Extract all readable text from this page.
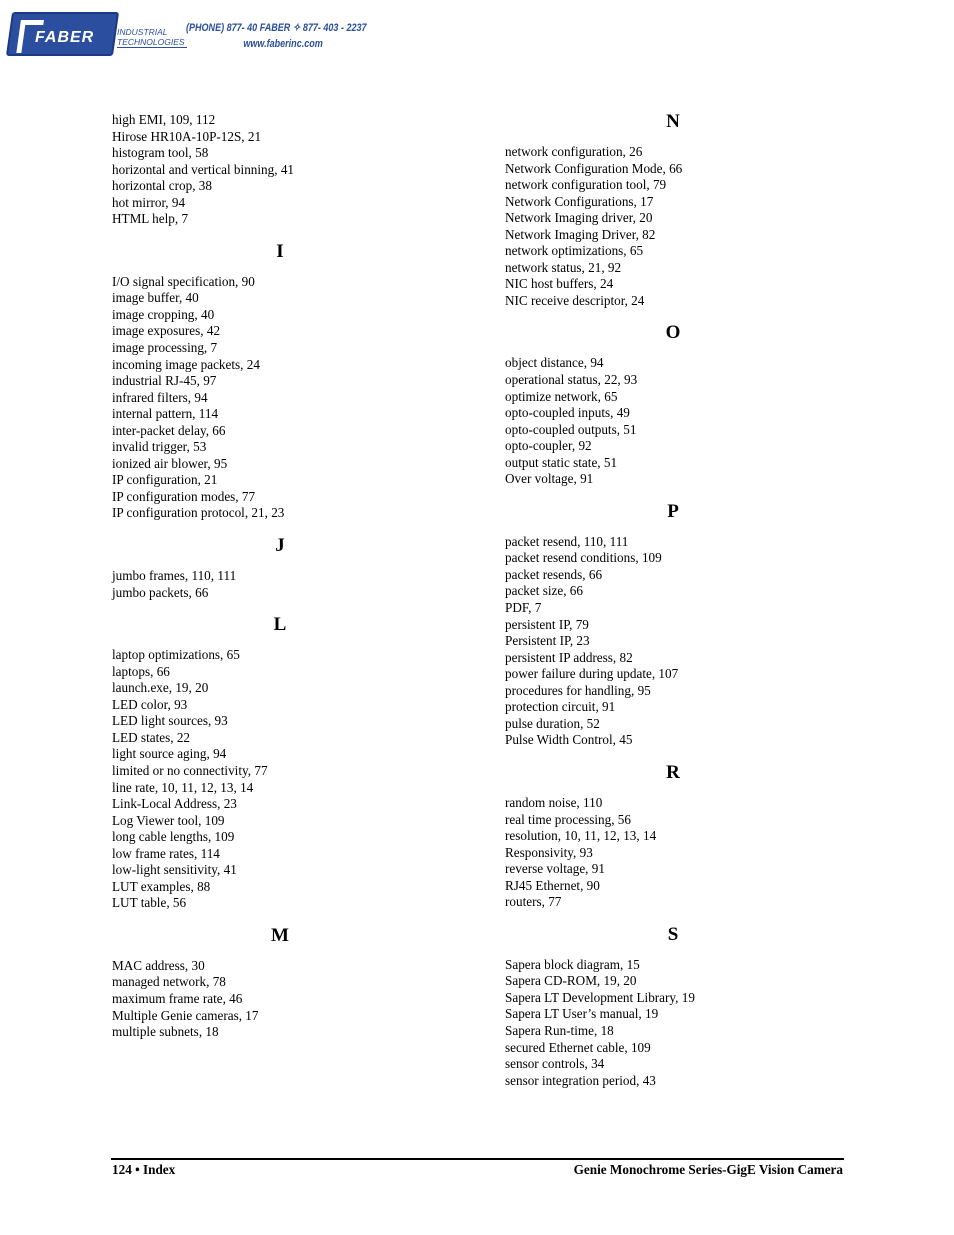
FABER	INDUSTRIAL
TECHNOLOGIES
(PHONE) 877- 40 FABER ✧ 877- 403 - 2237
www.faberinc.com
high EMI, 109, 112
Hirose HR10A-10P-12S, 21
histogram tool, 58
horizontal and vertical binning, 41
horizontal crop, 38
hot mirror, 94
HTML help, 7
I
I/O signal specification, 90
image buffer, 40
image cropping, 40
image exposures, 42
image processing, 7
incoming image packets, 24
industrial RJ-45, 97
infrared filters, 94
internal pattern, 114
inter-packet delay, 66
invalid trigger, 53
ionized air blower, 95
IP configuration, 21
IP configuration modes, 77
IP configuration protocol, 21, 23
J
jumbo frames, 110, 111
jumbo packets, 66
L
laptop optimizations, 65
laptops, 66
launch.exe, 19, 20
LED color, 93
LED light sources, 93
LED states, 22
light source aging, 94
limited or no connectivity, 77
line rate, 10, 11, 12, 13, 14
Link-Local Address, 23
Log Viewer tool, 109
long cable lengths, 109
low frame rates, 114
low-light sensitivity, 41
LUT examples, 88
LUT table, 56
M
MAC address, 30
managed network, 78
maximum frame rate, 46
Multiple Genie cameras, 17
multiple subnets, 18
N
network configuration, 26
Network Configuration Mode, 66
network configuration tool, 79
Network Configurations, 17
Network Imaging driver, 20
Network Imaging Driver, 82
network optimizations, 65
network status, 21, 92
NIC host buffers, 24
NIC receive descriptor, 24
O
object distance, 94
operational status, 22, 93
optimize network, 65
opto-coupled inputs, 49
opto-coupled outputs, 51
opto-coupler, 92
output static state, 51
Over voltage, 91
P
packet resend, 110, 111
packet resend conditions, 109
packet resends, 66
packet size, 66
PDF, 7
persistent IP, 79
Persistent IP, 23
persistent IP address, 82
power failure during update, 107
procedures for handling, 95
protection circuit, 91
pulse duration, 52
Pulse Width Control, 45
R
random noise, 110
real time processing, 56
resolution, 10, 11, 12, 13, 14
Responsivity, 93
reverse voltage, 91
RJ45 Ethernet, 90
routers, 77
S
Sapera block diagram, 15
Sapera CD-ROM, 19, 20
Sapera LT Development Library, 19
Sapera LT User’s manual, 19
Sapera Run-time, 18
secured Ethernet cable, 109
sensor controls, 34
sensor integration period, 43
124 • Index	Genie Monochrome Series-GigE Vision Camera
